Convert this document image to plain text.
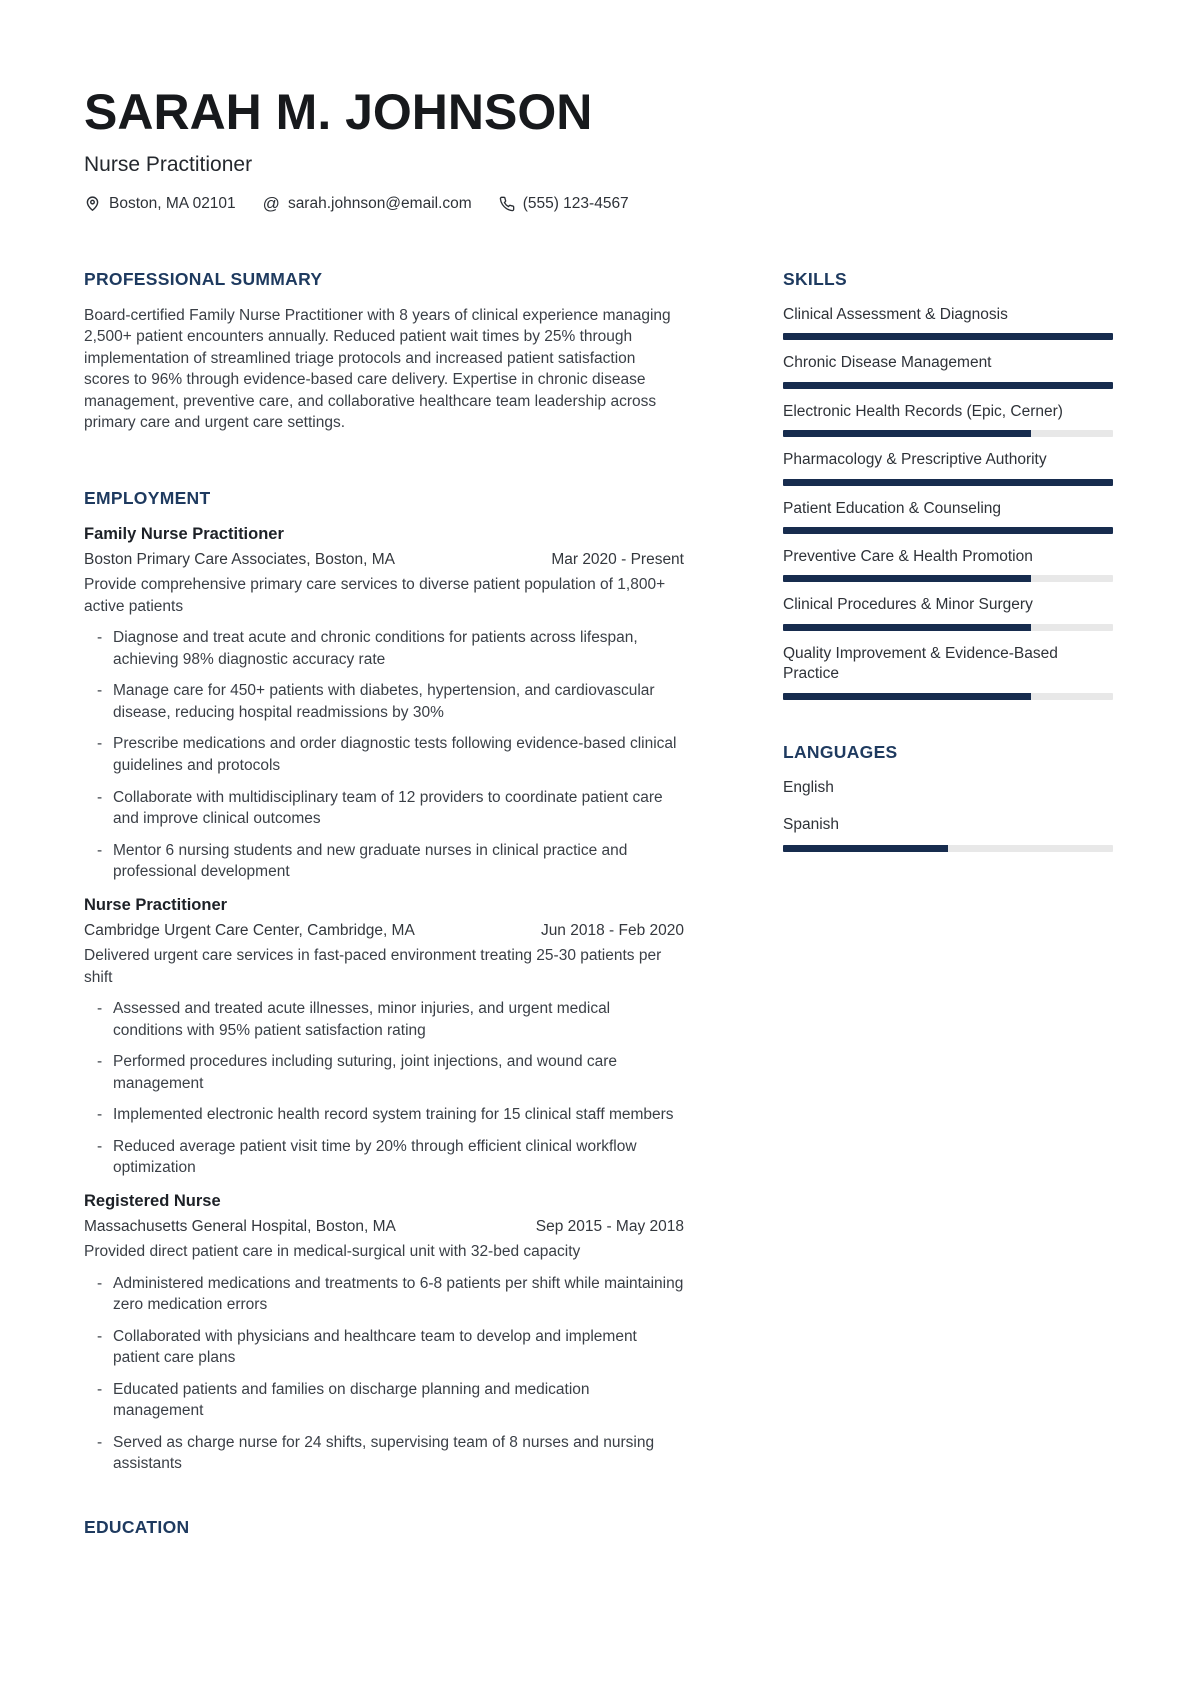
SARAH M. JOHNSON
Nurse Practitioner
Boston, MA 02101 @ sarah.johnson@email.com	(555) 123-4567
PROFESSIONAL SUMMARY
Board-certified Family Nurse Practitioner with 8 years of clinical experience managing 2,500+ patient encounters annually. Reduced patient wait times by 25% through implementation of streamlined triage protocols and increased patient satisfaction scores to 96% through evidence-based care delivery. Expertise in chronic disease management, preventive care, and collaborative healthcare team leadership across primary care and urgent care settings.
EMPLOYMENT
Family Nurse Practitioner
Boston Primary Care Associates, Boston, MA	Mar 2020 - Present
Provide comprehensive primary care services to diverse patient population of 1,800+ active patients
- Diagnose and treat acute and chronic conditions for patients across lifespan, achieving 98% diagnostic accuracy rate
- Manage care for 450+ patients with diabetes, hypertension, and cardiovascular disease, reducing hospital readmissions by 30%
- Prescribe medications and order diagnostic tests following evidence-based clinical guidelines and protocols
- Collaborate with multidisciplinary team of 12 providers to coordinate patient care and improve clinical outcomes
- Mentor 6 nursing students and new graduate nurses in clinical practice and professional development
Nurse Practitioner
Cambridge Urgent Care Center, Cambridge, MA	Jun 2018 - Feb 2020
Delivered urgent care services in fast-paced environment treating 25-30 patients per shift
- Assessed and treated acute illnesses, minor injuries, and urgent medical conditions with 95% patient satisfaction rating
- Performed procedures including suturing, joint injections, and wound care management
- Implemented electronic health record system training for 15 clinical staff members
- Reduced average patient visit time by 20% through efficient clinical workflow optimization
Registered Nurse
Massachusetts General Hospital, Boston, MA	Sep 2015 - May 2018
Provided direct patient care in medical-surgical unit with 32-bed capacity
- Administered medications and treatments to 6-8 patients per shift while maintaining zero medication errors
- Collaborated with physicians and healthcare team to develop and implement patient care plans
- Educated patients and families on discharge planning and medication management
- Served as charge nurse for 24 shifts, supervising team of 8 nurses and nursing assistants
EDUCATION
SKILLS
Clinical Assessment & Diagnosis
Chronic Disease Management
Electronic Health Records (Epic, Cerner)
Pharmacology & Prescriptive Authority
Patient Education & Counseling
Preventive Care & Health Promotion
Clinical Procedures & Minor Surgery
Quality Improvement & Evidence-Based Practice
LANGUAGES
English
Spanish
